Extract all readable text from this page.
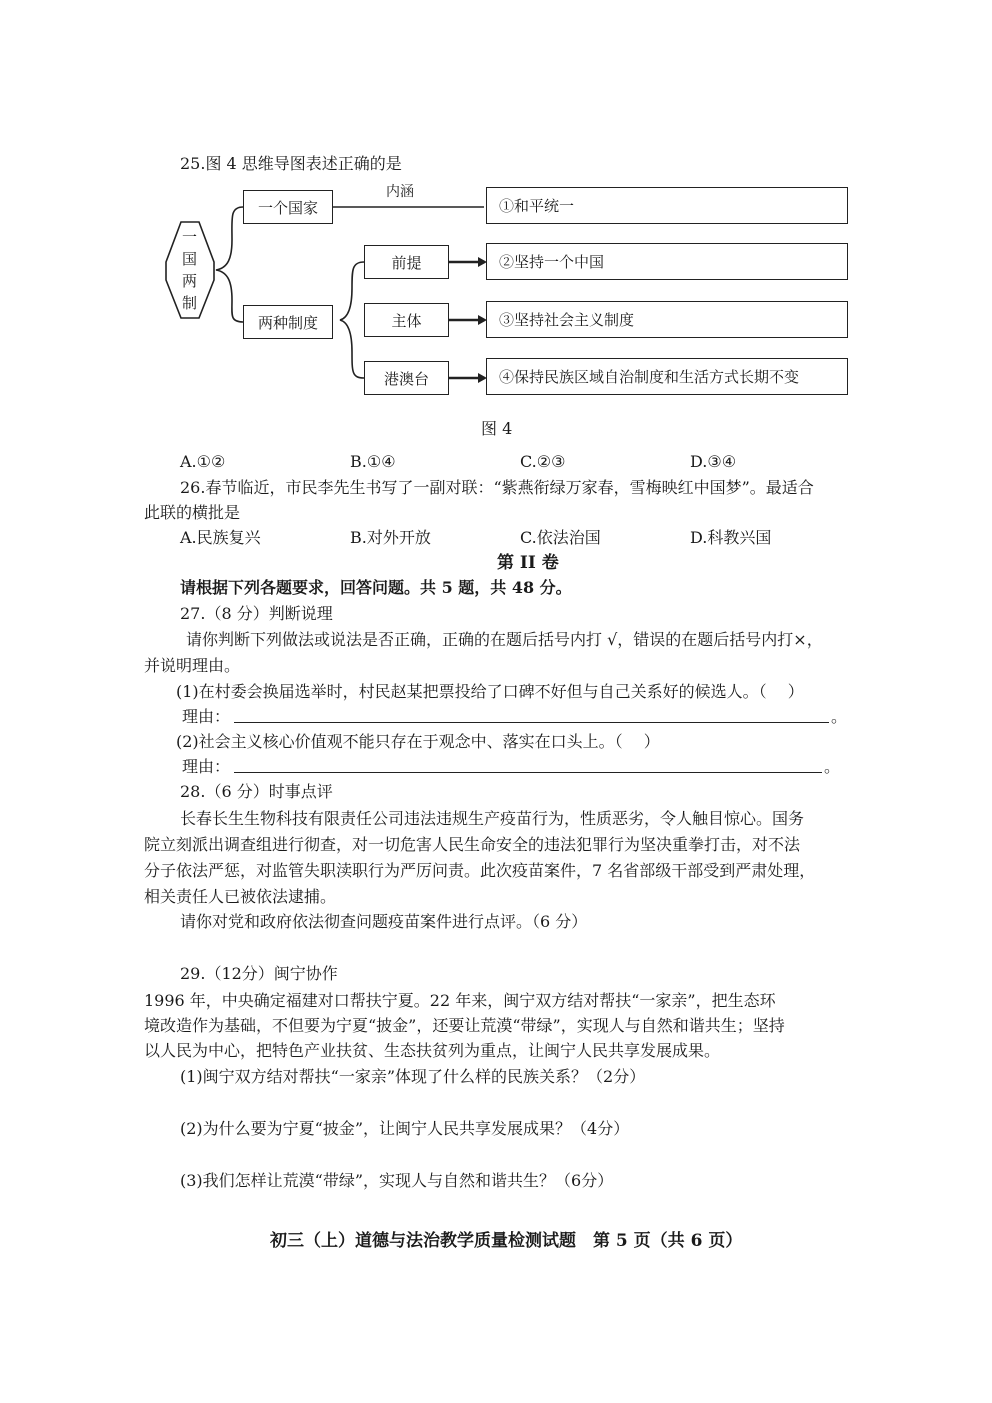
25.图 4 思维导图表述正确的是
一
国
两
制
一个国家
两种制度
内涵
前提
主体
港澳台
①和平统一
②坚持一个中国
③坚持社会主义制度
④保持民族区域自治制度和生活方式长期不变
图 4
A.①②	B.①④	C.②③	D.③④
26.春节临近，市民李先生书写了一副对联：“紫燕衔绿万家春，雪梅映红中国梦”。最适合
此联的横批是
A.民族复兴	B.对外开放	C.依法治国	D.科教兴国
第 II 卷
请根据下列各题要求，回答问题。共 5 题，共 48 分。
27.（8 分）判断说理
请你判断下列做法或说法是否正确，正确的在题后括号内打 √，错误的在题后括号内打×，
并说明理由。
(1)在村委会换届选举时，村民赵某把票投给了口碑不好但与自己关系好的候选人。（　 ）
理由：	。
(2)社会主义核心价值观不能只存在于观念中、落实在口头上。（　 ）
理由：	。
28.（6 分）时事点评
长春长生生物科技有限责任公司违法违规生产疫苗行为，性质恶劣，令人触目惊心。国务
院立刻派出调查组进行彻查，对一切危害人民生命安全的违法犯罪行为坚决重拳打击，对不法
分子依法严惩，对监管失职渎职行为严厉问责。此次疫苗案件，7 名省部级干部受到严肃处理，
相关责任人已被依法逮捕。
请你对党和政府依法彻查问题疫苗案件进行点评。（6 分）
29.（12分）闽宁协作
1996 年，中央确定福建对口帮扶宁夏。22 年来，闽宁双方结对帮扶“一家亲”，把生态环
境改造作为基础，不但要为宁夏“披金”，还要让荒漠“带绿”，实现人与自然和谐共生；坚持
以人民为中心，把特色产业扶贫、生态扶贫列为重点，让闽宁人民共享发展成果。
(1)闽宁双方结对帮扶“一家亲”体现了什么样的民族关系？（2分）
(2)为什么要为宁夏“披金”，让闽宁人民共享发展成果？（4分）
(3)我们怎样让荒漠“带绿”，实现人与自然和谐共生？（6分）
初三（上）道德与法治教学质量检测试题　第 5 页（共 6 页）
